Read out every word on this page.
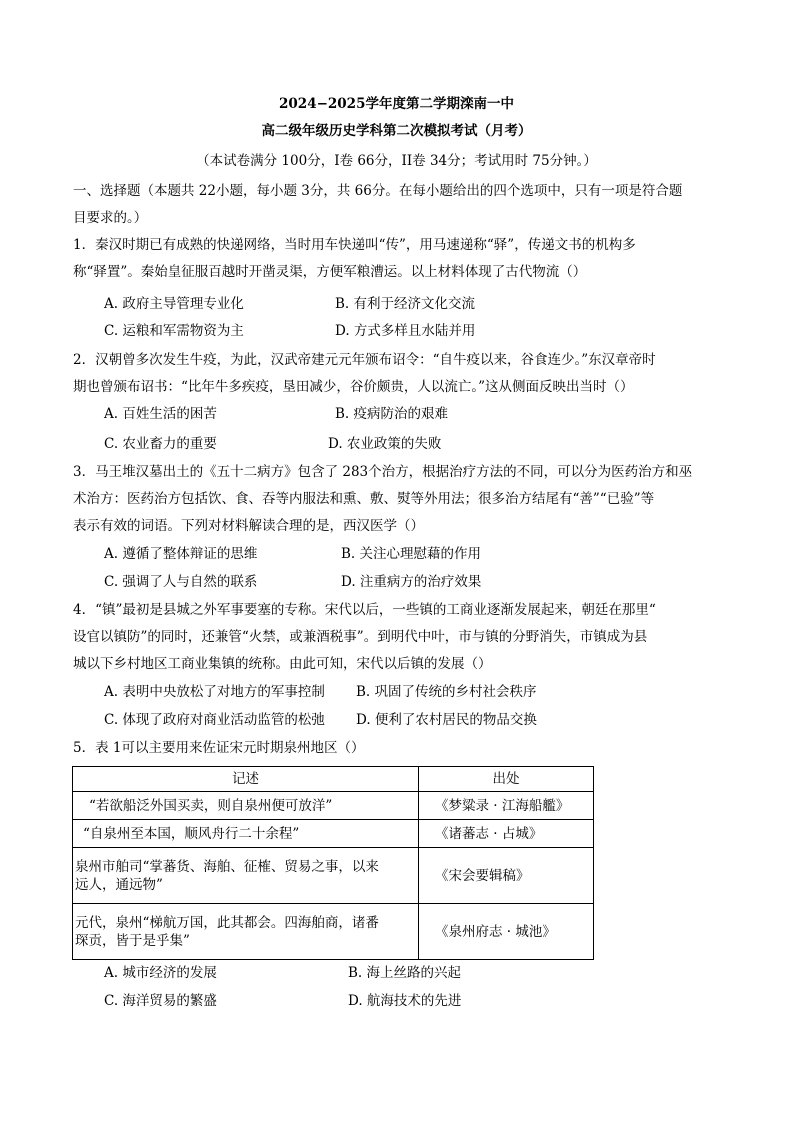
2024−2025学年度第二学期滦南一中
高二级年级历史学科第二次模拟考试（月考）
（本试卷满分 100分，I卷 66分，II卷 34分；考试用时 75分钟。）
一、选择题（本题共 22小题，每小题 3分，共 66分。在每小题给出的四个选项中，只有一项是符合题
目要求的。）
1．秦汉时期已有成熟的快递网络，当时用车快递叫“传”，用马速递称“驿”，传递文书的机构多
称“驿置”。秦始皇征服百越时开凿灵渠，方便军粮漕运。以上材料体现了古代物流（）
A. 政府主导管理专业化	B. 有利于经济文化交流
C. 运粮和军需物资为主	D. 方式多样且水陆并用
2．汉朝曾多次发生牛疫，为此，汉武帝建元元年颁布诏令：“自牛疫以来，谷食连少。”东汉章帝时
期也曾颁布诏书：“比年牛多疾疫，垦田减少，谷价颇贵，人以流亡。”这从侧面反映出当时（）
A. 百姓生活的困苦	B. 疫病防治的艰难
C. 农业畜力的重要	D. 农业政策的失败
3．马王堆汉墓出土的《五十二病方》包含了 283个治方，根据治疗方法的不同，可以分为医药治方和巫
术治方：医药治方包括饮、食、吞等内服法和熏、敷、熨等外用法；很多治方结尾有“善”“已验”等
表示有效的词语。下列对材料解读合理的是，西汉医学（）
A. 遵循了整体辩证的思维	B. 关注心理慰藉的作用
C. 强调了人与自然的联系	D. 注重病方的治疗效果
4．“镇”最初是县城之外军事要塞的专称。宋代以后，一些镇的工商业逐渐发展起来，朝廷在那里“
设官以镇防”的同时，还兼管“火禁，或兼酒税事”。到明代中叶，市与镇的分野消失，市镇成为县
城以下乡村地区工商业集镇的统称。由此可知，宋代以后镇的发展（）
A. 表明中央放松了对地方的军事控制 B. 巩固了传统的乡村社会秩序
C. 体现了政府对商业活动监管的松弛 D. 便利了农村居民的物品交换
5．表 1可以主要用来佐证宋元时期泉州地区（）
记述	出处
“若欲船泛外国买卖，则自泉州便可放洋”	《梦粱录 · 江海船艦》
“自泉州至本国，顺风舟行二十余程”	《诸蕃志 · 占城》
泉州市舶司“掌蕃货、海舶、征榷、贸易之事，以来
远人，通远物”	《宋会要辑稿》
元代，泉州“梯航万国，此其都会。四海舶商，诸番
琛贡，皆于是乎集”	《泉州府志 · 城池》
A. 城市经济的发展	B. 海上丝路的兴起
C. 海洋贸易的繁盛	D. 航海技术的先进
